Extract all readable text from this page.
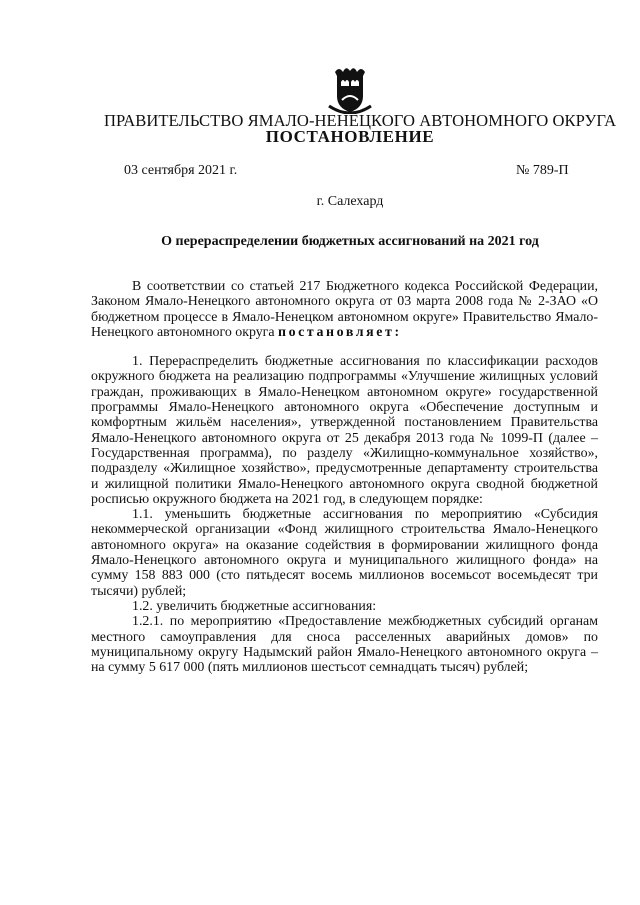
ПРАВИТЕЛЬСТВО ЯМАЛО-НЕНЕЦКОГО АВТОНОМНОГО ОКРУГА
ПОСТАНОВЛЕНИЕ
03 сентября 2021 г.	№ 789-П
г. Салехард
О перераспределении бюджетных ассигнований на 2021 год

В соответствии со статьей 217 Бюджетного кодекса Российской Федерации, Законом Ямало-Ненецкого автономного округа от 03 марта 2008 года № 2-ЗАО «О бюджетном процессе в Ямало-Ненецком автономном округе» Правительство Ямало-Ненецкого автономного округа постановляет:

1. Перераспределить бюджетные ассигнования по классификации расходов окружного бюджета на реализацию подпрограммы «Улучшение жилищных условий граждан, проживающих в Ямало-Ненецком автономном округе» государственной программы Ямало-Ненецкого автономного округа «Обеспечение доступным и комфортным жильём населения», утвержденной постановлением Правительства Ямало-Ненецкого автономного округа от 25 декабря 2013 года № 1099-П (далее – Государственная программа), по разделу «Жилищно-коммунальное хозяйство», подразделу «Жилищное хозяйство», предусмотренные департаменту строительства и жилищной политики Ямало-Ненецкого автономного округа сводной бюджетной росписью окружного бюджета на 2021 год, в следующем порядке:

1.1. уменьшить бюджетные ассигнования по мероприятию «Субсидия некоммерческой организации «Фонд жилищного строительства Ямало-Ненецкого автономного округа» на оказание содействия в формировании жилищного фонда Ямало-Ненецкого автономного округа и муниципального жилищного фонда» на сумму 158 883 000 (сто пятьдесят восемь миллионов восемьсот восемьдесят три тысячи) рублей;

1.2. увеличить бюджетные ассигнования:

1.2.1. по мероприятию «Предоставление межбюджетных субсидий органам местного самоуправления для сноса расселенных аварийных домов» по муниципальному округу Надымский район Ямало-Ненецкого автономного округа – на сумму 5 617 000 (пять миллионов шестьсот семнадцать тысяч) рублей;
